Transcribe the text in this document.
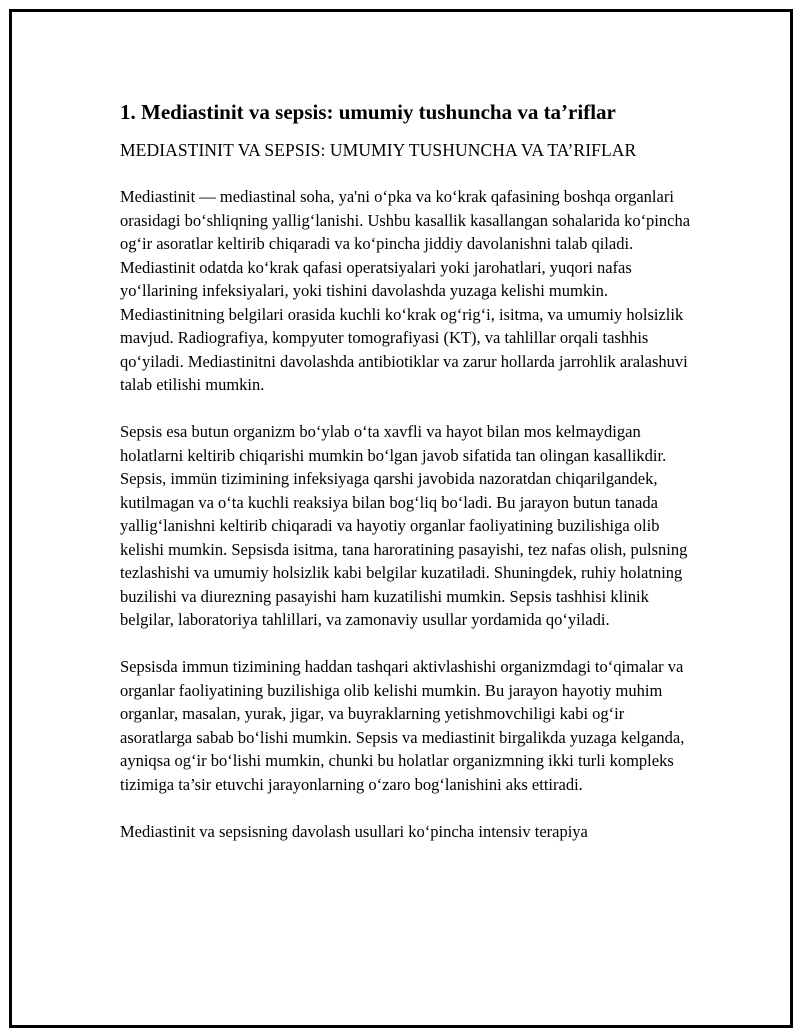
1. Mediastinit va sepsis: umumiy tushuncha va ta’riflar

MEDIASTINIT VA SEPSIS: UMUMIY TUSHUNCHA VA TA’RIFLAR

Mediastinit — mediastinal soha, ya'ni o‘pka va ko‘krak qafasining boshqa organlari orasidagi bo‘shliqning yallig‘lanishi. Ushbu kasallik kasallangan sohalarida ko‘pincha og‘ir asoratlar keltirib chiqaradi va ko‘pincha jiddiy davolanishni talab qiladi. Mediastinit odatda ko‘krak qafasi operatsiyalari yoki jarohatlari, yuqori nafas yo‘llarining infeksiyalari, yoki tishini davolashda yuzaga kelishi mumkin. Mediastinitning belgilari orasida kuchli ko‘krak og‘rig‘i, isitma, va umumiy holsizlik mavjud. Radiografiya, kompyuter tomografiyasi (KT), va tahlillar orqali tashhis qo‘yiladi. Mediastinitni davolashda antibiotiklar va zarur hollarda jarrohlik aralashuvi talab etilishi mumkin.

Sepsis esa butun organizm bo‘ylab o‘ta xavfli va hayot bilan mos kelmaydigan holatlarni keltirib chiqarishi mumkin bo‘lgan javob sifatida tan olingan kasallikdir. Sepsis, immün tizimining infeksiyaga qarshi javobida nazoratdan chiqarilgandek, kutilmagan va o‘ta kuchli reaksiya bilan bog‘liq bo‘ladi. Bu jarayon butun tanada yallig‘lanishni keltirib chiqaradi va hayotiy organlar faoliyatining buzilishiga olib kelishi mumkin. Sepsisda isitma, tana haroratining pasayishi, tez nafas olish, pulsning tezlashishi va umumiy holsizlik kabi belgilar kuzatiladi. Shuningdek, ruhiy holatning buzilishi va diurezning pasayishi ham kuzatilishi mumkin. Sepsis tashhisi klinik belgilar, laboratoriya tahlillari, va zamonaviy usullar yordamida qo‘yiladi.

Sepsisda immun tizimining haddan tashqari aktivlashishi organizmdagi to‘qimalar va organlar faoliyatining buzilishiga olib kelishi mumkin. Bu jarayon hayotiy muhim organlar, masalan, yurak, jigar, va buyraklarning yetishmovchiligi kabi og‘ir asoratlarga sabab bo‘lishi mumkin. Sepsis va mediastinit birgalikda yuzaga kelganda, ayniqsa og‘ir bo‘lishi mumkin, chunki bu holatlar organizmning ikki turli kompleks tizimiga ta’sir etuvchi jarayonlarning o‘zaro bog‘lanishini aks ettiradi.

Mediastinit va sepsisning davolash usullari ko‘pincha intensiv terapiya
